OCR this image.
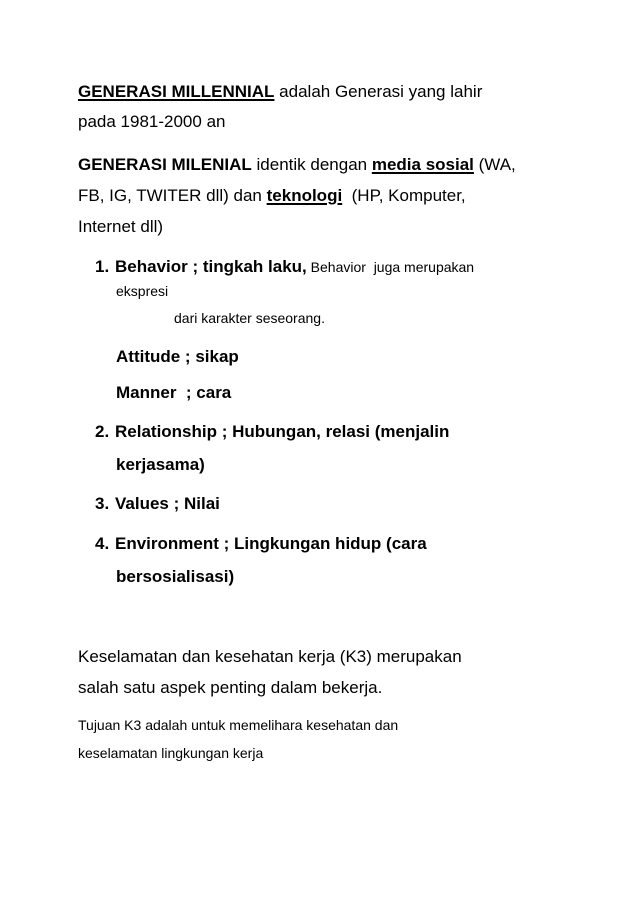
GENERASI MILLENNIAL adalah Generasi yang lahir
pada 1981-2000 an
GENERASI MILENIAL identik dengan media sosial (WA,
FB, IG, TWITER dll) dan teknologi  (HP, Komputer,
Internet dll)
1. Behavior ; tingkah laku, Behavior  juga merupakan
ekspresi
dari karakter seseorang.
Attitude ; sikap
Manner  ; cara
2. Relationship ; Hubungan, relasi (menjalin
kerjasama)
3. Values ; Nilai
4. Environment ; Lingkungan hidup (cara
bersosialisasi)
Keselamatan dan kesehatan kerja (K3) merupakan
salah satu aspek penting dalam bekerja.
Tujuan K3 adalah untuk memelihara kesehatan dan
keselamatan lingkungan kerja
